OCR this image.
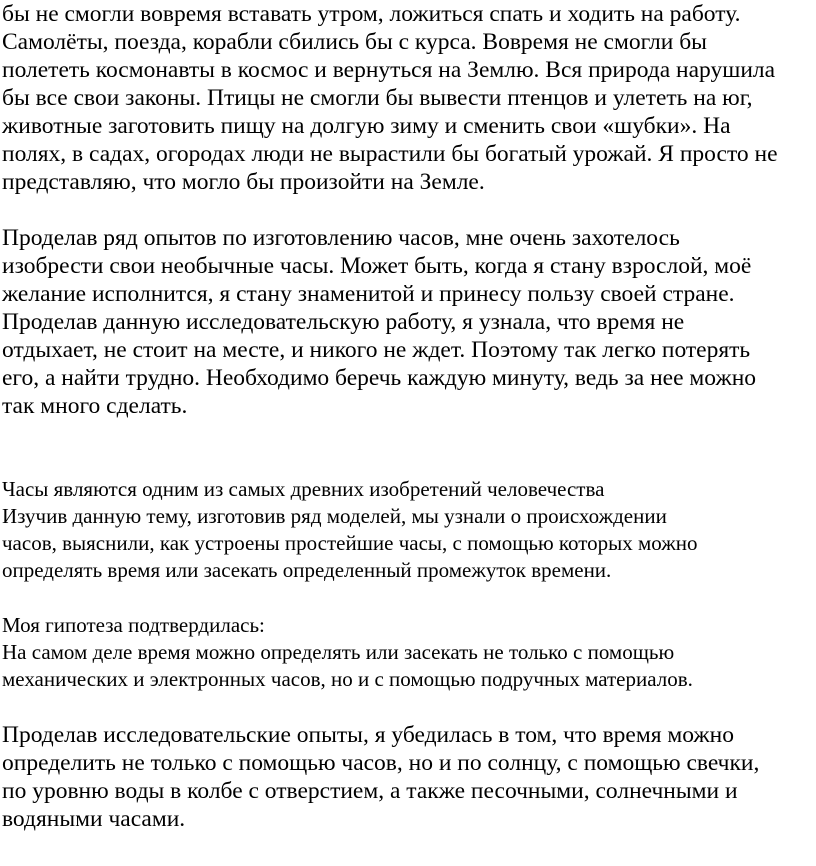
бы не смогли вовремя вставать утром, ложиться спать и ходить на работу.
Самолёты, поезда, корабли сбились бы с курса. Вовремя не смогли бы
полететь космонавты в космос и вернуться на Землю. Вся природа нарушила
бы все свои законы. Птицы не смогли бы вывести птенцов и улететь на юг,
животные заготовить пищу на долгую зиму и сменить свои «шубки». На
полях, в садах, огородах люди не вырастили бы богатый урожай. Я просто не
представляю, что могло бы произойти на Земле.
Проделав ряд опытов по изготовлению часов, мне очень захотелось
изобрести свои необычные часы. Может быть, когда я стану взрослой, моё
желание исполнится, я стану знаменитой и принесу пользу своей стране.
Проделав данную исследовательскую работу, я узнала, что время не
отдыхает, не стоит на месте, и никого не ждет. Поэтому так легко потерять
его, а найти трудно. Необходимо беречь каждую минуту, ведь за нее можно
так много сделать.
Часы являются одним из самых древних изобретений человечества
Изучив данную тему, изготовив ряд моделей, мы узнали о происхождении
часов, выяснили, как устроены простейшие часы, с помощью которых можно
определять время или засекать определенный промежуток времени.
Моя гипотеза подтвердилась:
На самом деле время можно определять или засекать не только с помощью
механических и электронных часов, но и с помощью подручных материалов.
Проделав исследовательские опыты, я убедилась в том, что время можно
определить не только с помощью часов, но и по солнцу, с помощью свечки,
по уровню воды в колбе с отверстием, а также песочными, солнечными и
водяными часами.
